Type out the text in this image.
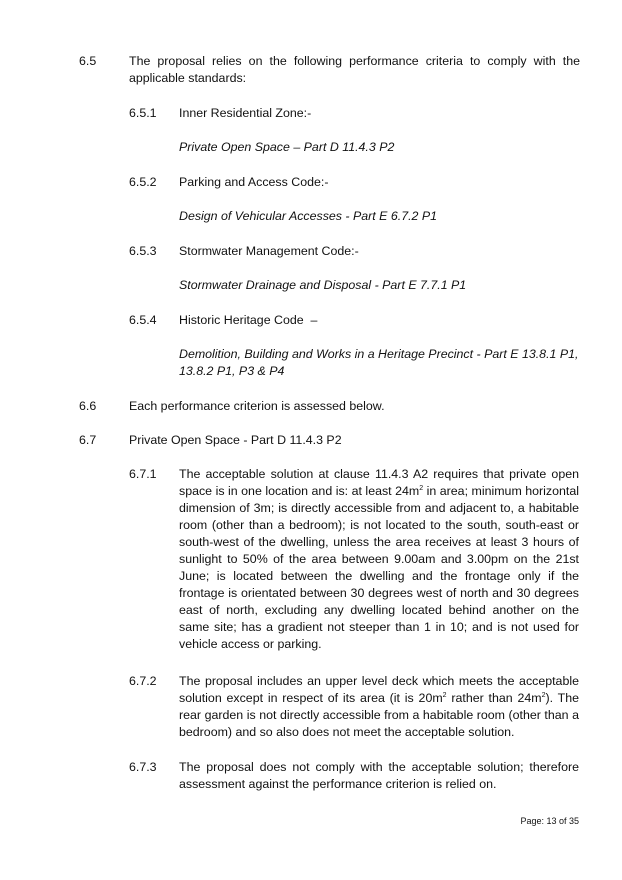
6.5	The proposal relies on the following performance criteria to comply with the applicable standards:
6.5.1 Inner Residential Zone:-
Private Open Space – Part D 11.4.3 P2
6.5.2 Parking and Access Code:-
Design of Vehicular Accesses - Part E 6.7.2 P1
6.5.3 Stormwater Management Code:-
Stormwater Drainage and Disposal - Part E 7.7.1 P1
6.5.4 Historic Heritage Code  –
Demolition, Building and Works in a Heritage Precinct - Part E 13.8.1 P1, 13.8.2 P1, P3 & P4
6.6	Each performance criterion is assessed below.
6.7	Private Open Space - Part D 11.4.3 P2
6.7.1 The acceptable solution at clause 11.4.3 A2 requires that private open space is in one location and is: at least $24m^2$ in area; minimum horizontal dimension of 3m; is directly accessible from and adjacent to, a habitable room (other than a bedroom); is not located to the south, south-east or south-west of the dwelling, unless the area receives at least 3 hours of sunlight to 50% of the area between 9.00am and 3.00pm on the 21st June; is located between the dwelling and the frontage only if the frontage is orientated between 30 degrees west of north and 30 degrees east of north, excluding any dwelling located behind another on the same site; has a gradient not steeper than 1 in 10; and is not used for vehicle access or parking.
6.7.2 The proposal includes an upper level deck which meets the acceptable solution except in respect of its area (it is $20m^2$ rather than $24m^2$). The rear garden is not directly accessible from a habitable room (other than a bedroom) and so also does not meet the acceptable solution.
6.7.3 The proposal does not comply with the acceptable solution; therefore assessment against the performance criterion is relied on.
Page: 13 of 35
